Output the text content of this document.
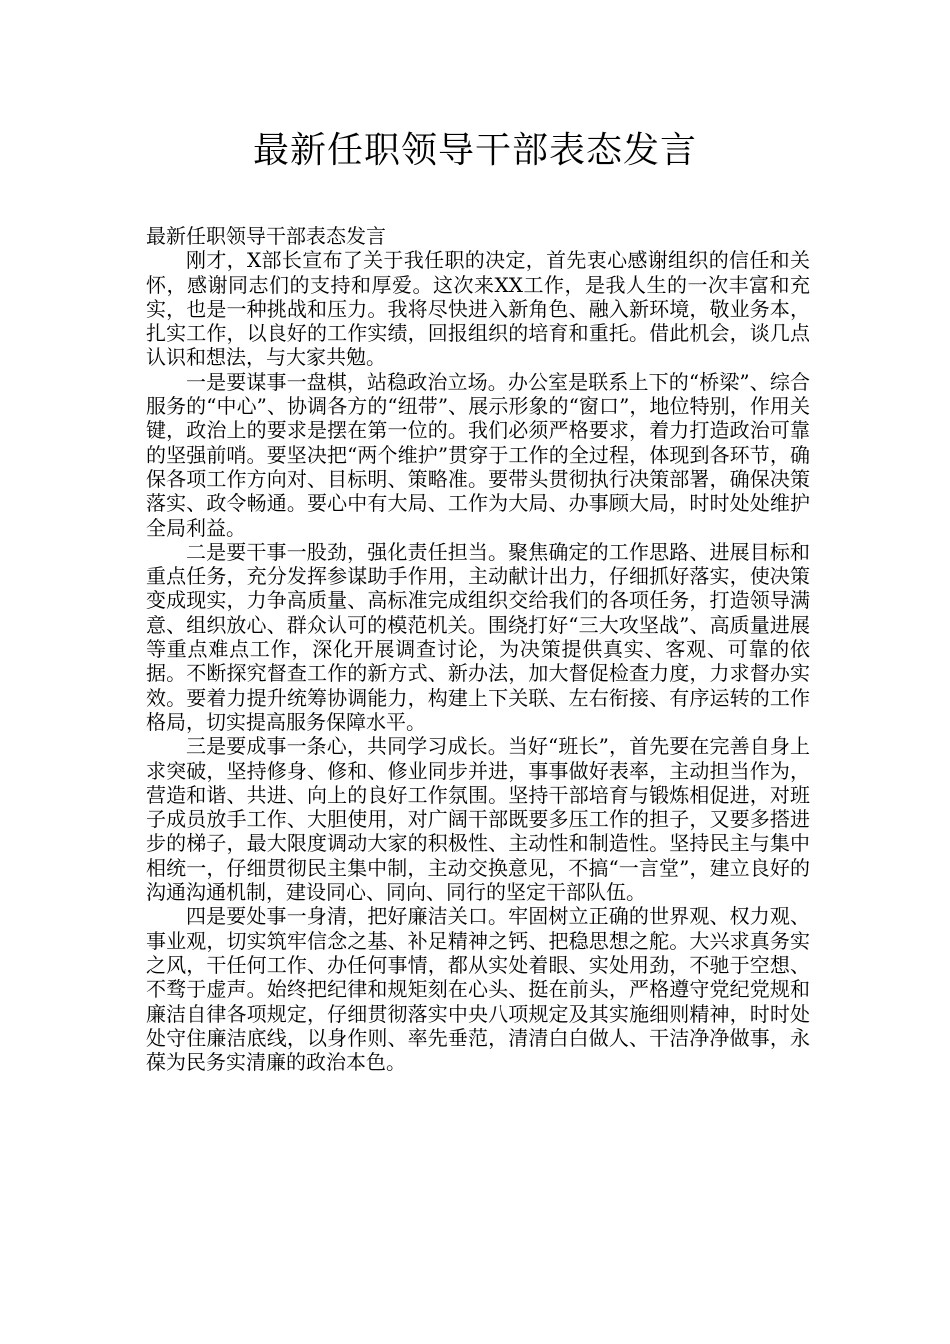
最新任职领导干部表态发言

最新任职领导干部表态发言

刚才，X部长宣布了关于我任职的决定，首先衷心感谢组织的信任和关怀，感谢同志们的支持和厚爱。这次来XX工作，是我人生的一次丰富和充实，也是一种挑战和压力。我将尽快进入新角色、融入新环境，敬业务本，扎实工作，以良好的工作实绩，回报组织的培育和重托。借此机会，谈几点认识和想法，与大家共勉。

一是要谋事一盘棋，站稳政治立场。办公室是联系上下的“桥梁”、综合服务的“中心”、协调各方的“纽带”、展示形象的“窗口”，地位特别，作用关键，政治上的要求是摆在第一位的。我们必须严格要求，着力打造政治可靠的坚强前哨。要坚决把“两个维护”贯穿于工作的全过程，体现到各环节，确保各项工作方向对、目标明、策略准。要带头贯彻执行决策部署，确保决策落实、政令畅通。要心中有大局、工作为大局、办事顾大局，时时处处维护全局利益。

二是要干事一股劲，强化责任担当。聚焦确定的工作思路、进展目标和重点任务，充分发挥参谋助手作用，主动献计出力，仔细抓好落实，使决策变成现实，力争高质量、高标准完成组织交给我们的各项任务，打造领导满意、组织放心、群众认可的模范机关。围绕打好“三大攻坚战”、高质量进展等重点难点工作，深化开展调查讨论，为决策提供真实、客观、可靠的依据。不断探究督查工作的新方式、新办法，加大督促检查力度，力求督办实效。要着力提升统筹协调能力，构建上下关联、左右衔接、有序运转的工作格局，切实提高服务保障水平。

三是要成事一条心，共同学习成长。当好“班长”，首先要在完善自身上求突破，坚持修身、修和、修业同步并进，事事做好表率，主动担当作为，营造和谐、共进、向上的良好工作氛围。坚持干部培育与锻炼相促进，对班子成员放手工作、大胆使用，对广阔干部既要多压工作的担子，又要多搭进步的梯子，最大限度调动大家的积极性、主动性和制造性。坚持民主与集中相统一，仔细贯彻民主集中制，主动交换意见，不搞“一言堂”，建立良好的沟通沟通机制，建设同心、同向、同行的坚定干部队伍。

四是要处事一身清，把好廉洁关口。牢固树立正确的世界观、权力观、事业观，切实筑牢信念之基、补足精神之钙、把稳思想之舵。大兴求真务实之风，干任何工作、办任何事情，都从实处着眼、实处用劲，不驰于空想、不骛于虚声。始终把纪律和规矩刻在心头、挺在前头，严格遵守党纪党规和廉洁自律各项规定，仔细贯彻落实中央八项规定及其实施细则精神，时时处处守住廉洁底线，以身作则、率先垂范，清清白白做人、干洁净净做事，永葆为民务实清廉的政治本色。
